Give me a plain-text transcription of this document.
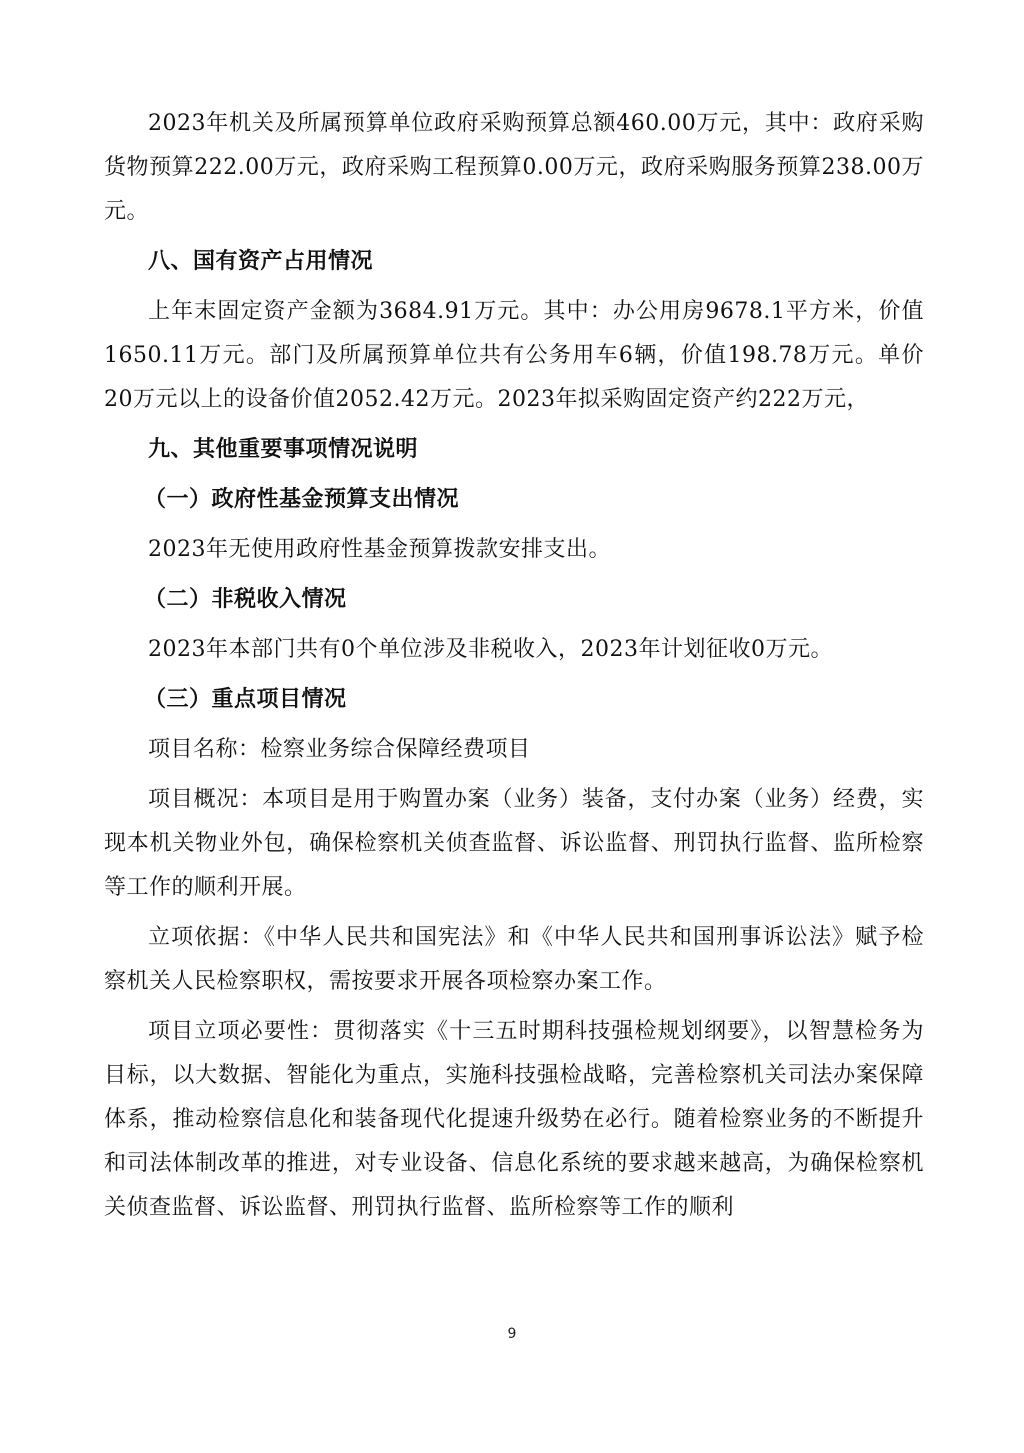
2023年机关及所属预算单位政府采购预算总额460.00万元，其中：政府采购货物预算222.00万元，政府采购工程预算0.00万元，政府采购服务预算238.00万元。

八、国有资产占用情况

上年末固定资产金额为3684.91万元。其中：办公用房9678.1平方米，价值1650.11万元。部门及所属预算单位共有公务用车6辆，价值198.78万元。单价20万元以上的设备价值2052.42万元。2023年拟采购固定资产约222万元，

九、其他重要事项情况说明

（一）政府性基金预算支出情况

2023年无使用政府性基金预算拨款安排支出。

（二）非税收入情况

2023年本部门共有0个单位涉及非税收入，2023年计划征收0万元。

（三）重点项目情况

项目名称：检察业务综合保障经费项目

项目概况：本项目是用于购置办案（业务）装备，支付办案（业务）经费，实现本机关物业外包，确保检察机关侦查监督、诉讼监督、刑罚执行监督、监所检察等工作的顺利开展。

立项依据：《中华人民共和国宪法》和《中华人民共和国刑事诉讼法》赋予检察机关人民检察职权，需按要求开展各项检察办案工作。

项目立项必要性：贯彻落实《十三五时期科技强检规划纲要》，以智慧检务为目标，以大数据、智能化为重点，实施科技强检战略，完善检察机关司法办案保障体系，推动检察信息化和装备现代化提速升级势在必行。随着检察业务的不断提升和司法体制改革的推进，对专业设备、信息化系统的要求越来越高，为确保检察机关侦查监督、诉讼监督、刑罚执行监督、监所检察等工作的顺利

9
